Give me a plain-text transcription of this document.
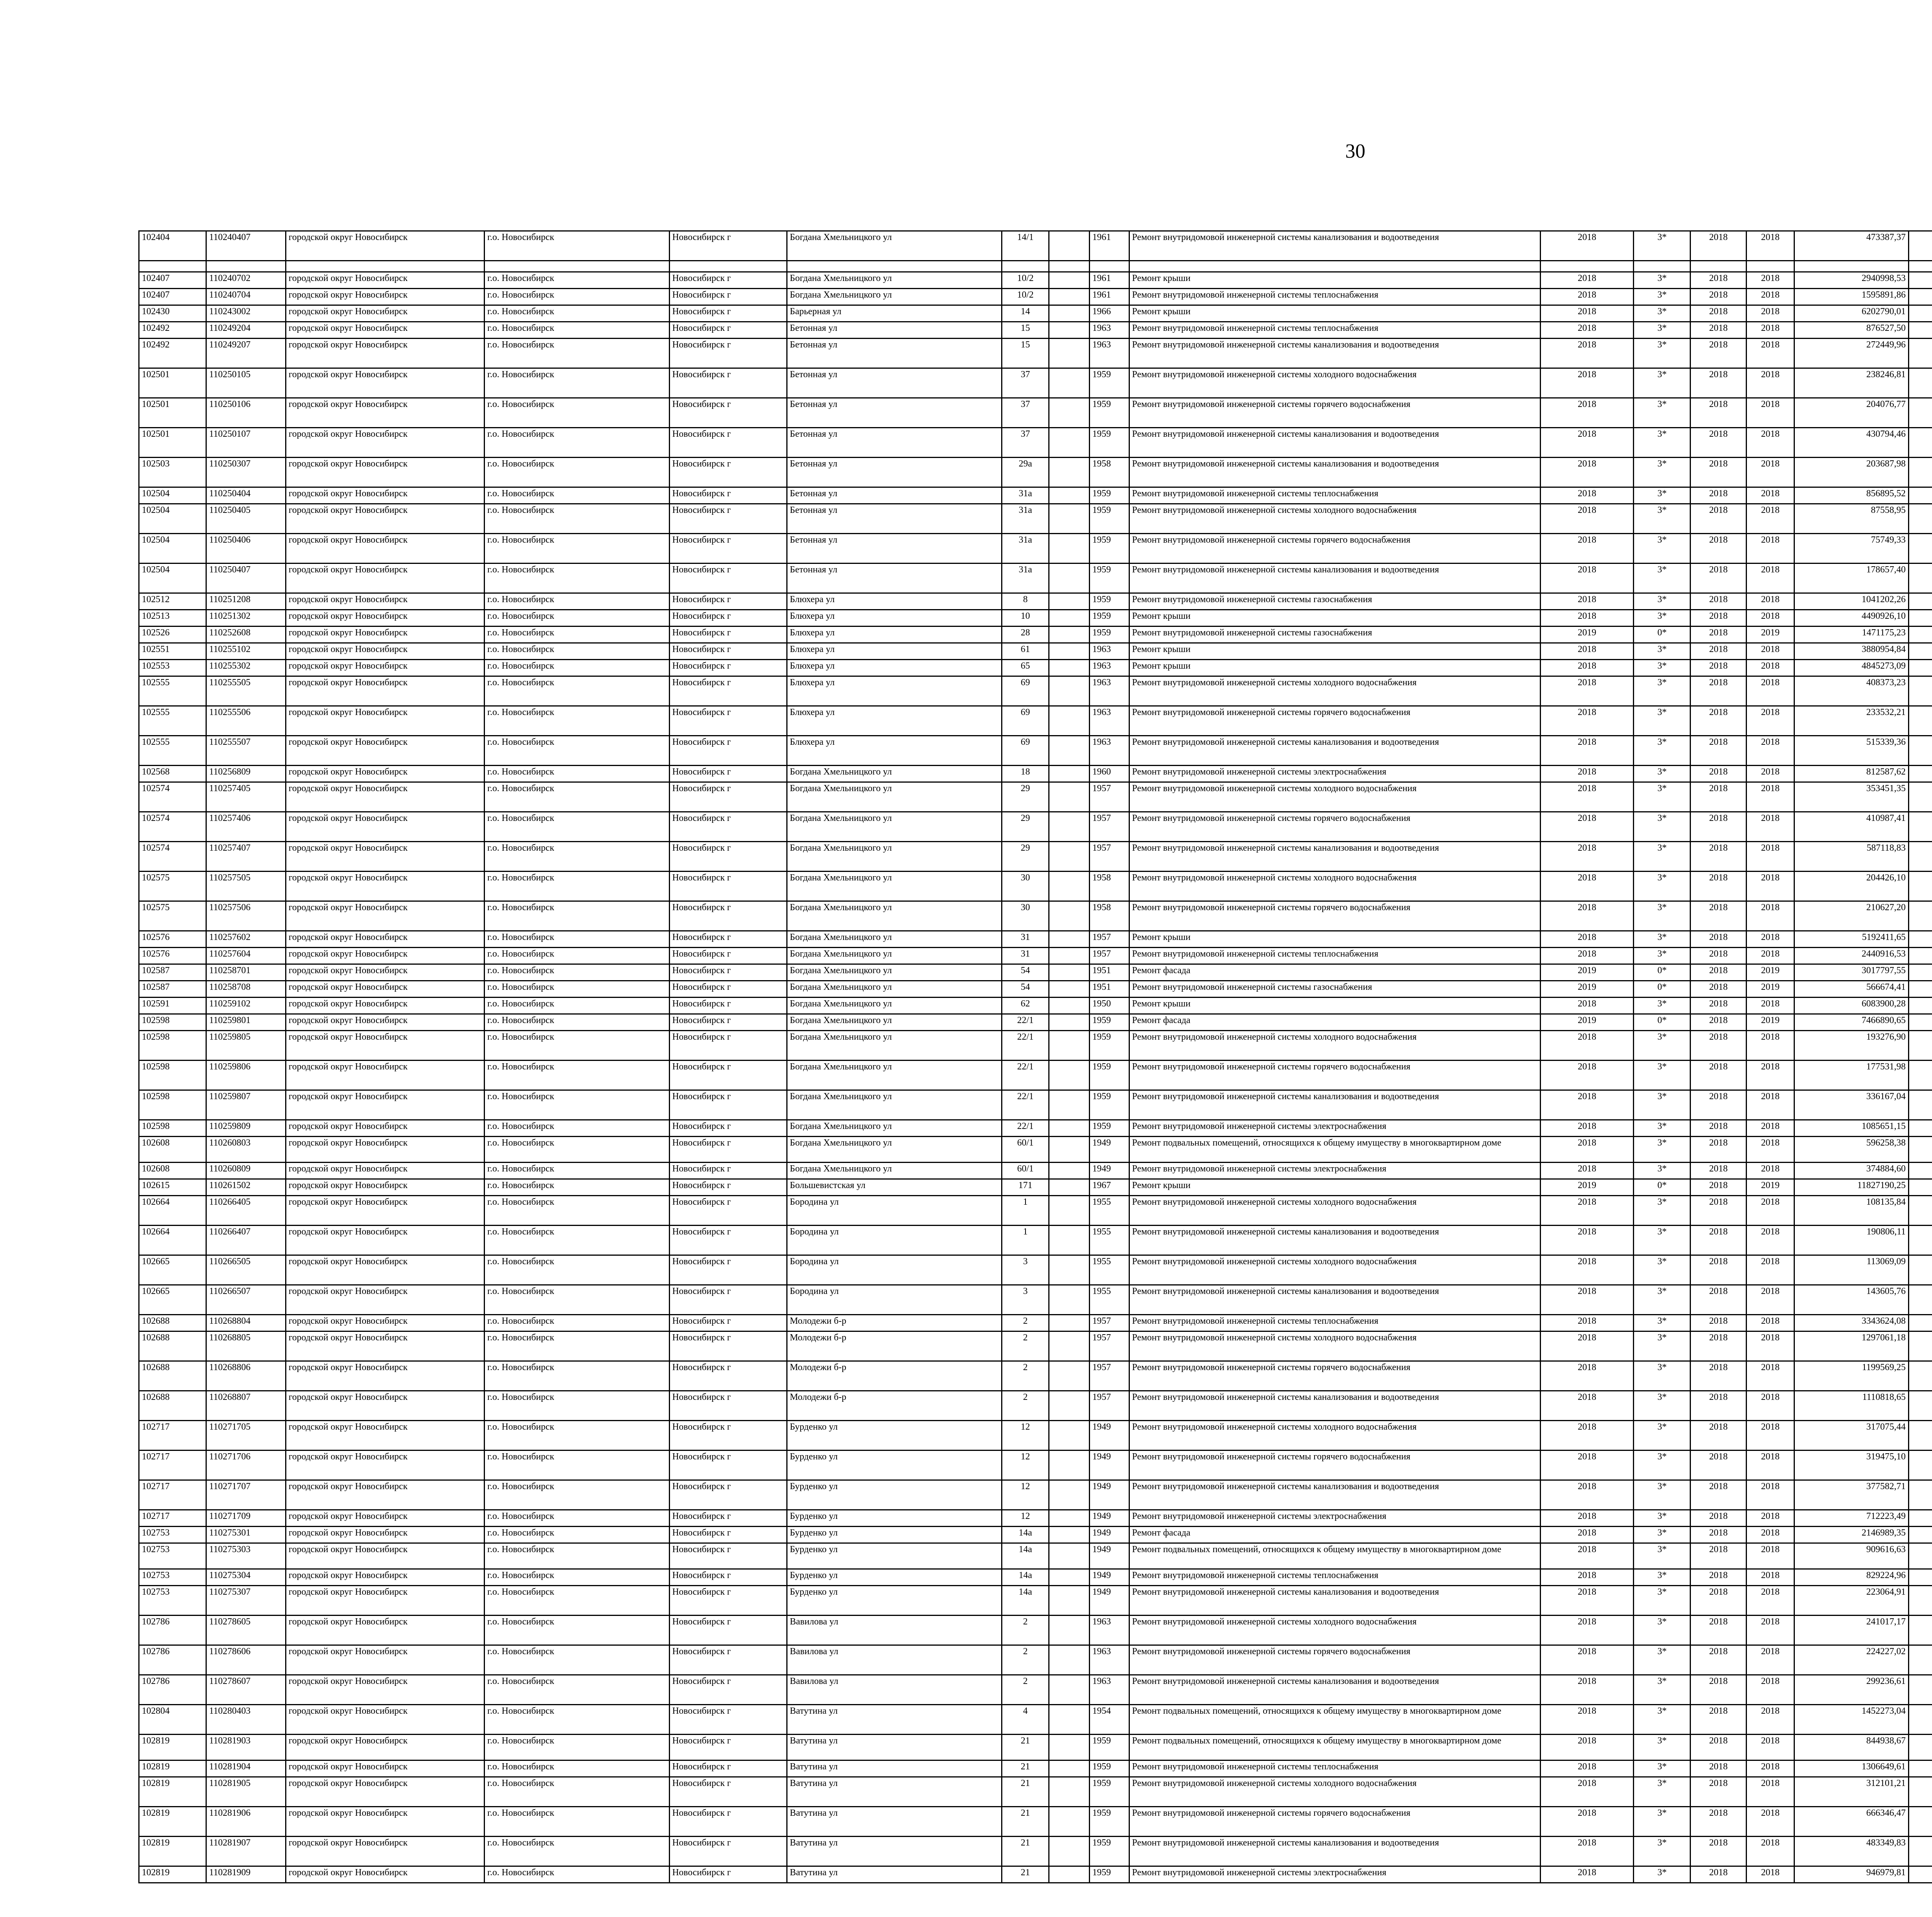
30
102404	110240407	городской округ Новосибирск	г.о. Новосибирск	Новосибирск г	Богдана Хмельницкого ул	14/1		1961	Ремонт внутридомовой инженерной системы канализования и водоотведения	2018	3*	2018	2018	473387,37								

102407	110240702	городской округ Новосибирск	г.о. Новосибирск	Новосибирск г	Богдана Хмельницкого ул	10/2		1961	Ремонт крыши	2018	3*	2018	2018	2940998,53								
102407	110240704	городской округ Новосибирск	г.о. Новосибирск	Новосибирск г	Богдана Хмельницкого ул	10/2		1961	Ремонт внутридомовой инженерной системы теплоснабжения	2018	3*	2018	2018	1595891,86								
102430	110243002	городской округ Новосибирск	г.о. Новосибирск	Новосибирск г	Барьерная ул	14		1966	Ремонт крыши	2018	3*	2018	2018	6202790,01								
102492	110249204	городской округ Новосибирск	г.о. Новосибирск	Новосибирск г	Бетонная ул	15		1963	Ремонт внутридомовой инженерной системы теплоснабжения	2018	3*	2018	2018	876527,50								
102492	110249207	городской округ Новосибирск	г.о. Новосибирск	Новосибирск г	Бетонная ул	15		1963	Ремонт внутридомовой инженерной системы канализования и водоотведения	2018	3*	2018	2018	272449,96								
102501	110250105	городской округ Новосибирск	г.о. Новосибирск	Новосибирск г	Бетонная ул	37		1959	Ремонт внутридомовой инженерной системы холодного водоснабжения	2018	3*	2018	2018	238246,81								
102501	110250106	городской округ Новосибирск	г.о. Новосибирск	Новосибирск г	Бетонная ул	37		1959	Ремонт внутридомовой инженерной системы горячего водоснабжения	2018	3*	2018	2018	204076,77								
102501	110250107	городской округ Новосибирск	г.о. Новосибирск	Новосибирск г	Бетонная ул	37		1959	Ремонт внутридомовой инженерной системы канализования и водоотведения	2018	3*	2018	2018	430794,46								
102503	110250307	городской округ Новосибирск	г.о. Новосибирск	Новосибирск г	Бетонная ул	29а		1958	Ремонт внутридомовой инженерной системы канализования и водоотведения	2018	3*	2018	2018	203687,98								
102504	110250404	городской округ Новосибирск	г.о. Новосибирск	Новосибирск г	Бетонная ул	31а		1959	Ремонт внутридомовой инженерной системы теплоснабжения	2018	3*	2018	2018	856895,52								
102504	110250405	городской округ Новосибирск	г.о. Новосибирск	Новосибирск г	Бетонная ул	31а		1959	Ремонт внутридомовой инженерной системы холодного водоснабжения	2018	3*	2018	2018	87558,95								
102504	110250406	городской округ Новосибирск	г.о. Новосибирск	Новосибирск г	Бетонная ул	31а		1959	Ремонт внутридомовой инженерной системы горячего водоснабжения	2018	3*	2018	2018	75749,33								
102504	110250407	городской округ Новосибирск	г.о. Новосибирск	Новосибирск г	Бетонная ул	31а		1959	Ремонт внутридомовой инженерной системы канализования и водоотведения	2018	3*	2018	2018	178657,40								
102512	110251208	городской округ Новосибирск	г.о. Новосибирск	Новосибирск г	Блюхера ул	8		1959	Ремонт внутридомовой инженерной системы газоснабжения	2018	3*	2018	2018	1041202,26								
102513	110251302	городской округ Новосибирск	г.о. Новосибирск	Новосибирск г	Блюхера ул	10		1959	Ремонт крыши	2018	3*	2018	2018	4490926,10								
102526	110252608	городской округ Новосибирск	г.о. Новосибирск	Новосибирск г	Блюхера ул	28		1959	Ремонт внутридомовой инженерной системы газоснабжения	2019	0*	2018	2019	1471175,23								
102551	110255102	городской округ Новосибирск	г.о. Новосибирск	Новосибирск г	Блюхера ул	61		1963	Ремонт крыши	2018	3*	2018	2018	3880954,84								
102553	110255302	городской округ Новосибирск	г.о. Новосибирск	Новосибирск г	Блюхера ул	65		1963	Ремонт крыши	2018	3*	2018	2018	4845273,09								
102555	110255505	городской округ Новосибирск	г.о. Новосибирск	Новосибирск г	Блюхера ул	69		1963	Ремонт внутридомовой инженерной системы холодного водоснабжения	2018	3*	2018	2018	408373,23								
102555	110255506	городской округ Новосибирск	г.о. Новосибирск	Новосибирск г	Блюхера ул	69		1963	Ремонт внутридомовой инженерной системы горячего водоснабжения	2018	3*	2018	2018	233532,21								
102555	110255507	городской округ Новосибирск	г.о. Новосибирск	Новосибирск г	Блюхера ул	69		1963	Ремонт внутридомовой инженерной системы канализования и водоотведения	2018	3*	2018	2018	515339,36								
102568	110256809	городской округ Новосибирск	г.о. Новосибирск	Новосибирск г	Богдана Хмельницкого ул	18		1960	Ремонт внутридомовой инженерной системы электроснабжения	2018	3*	2018	2018	812587,62								
102574	110257405	городской округ Новосибирск	г.о. Новосибирск	Новосибирск г	Богдана Хмельницкого ул	29		1957	Ремонт внутридомовой инженерной системы холодного водоснабжения	2018	3*	2018	2018	353451,35								
102574	110257406	городской округ Новосибирск	г.о. Новосибирск	Новосибирск г	Богдана Хмельницкого ул	29		1957	Ремонт внутридомовой инженерной системы горячего водоснабжения	2018	3*	2018	2018	410987,41								
102574	110257407	городской округ Новосибирск	г.о. Новосибирск	Новосибирск г	Богдана Хмельницкого ул	29		1957	Ремонт внутридомовой инженерной системы канализования и водоотведения	2018	3*	2018	2018	587118,83								
102575	110257505	городской округ Новосибирск	г.о. Новосибирск	Новосибирск г	Богдана Хмельницкого ул	30		1958	Ремонт внутридомовой инженерной системы холодного водоснабжения	2018	3*	2018	2018	204426,10								
102575	110257506	городской округ Новосибирск	г.о. Новосибирск	Новосибирск г	Богдана Хмельницкого ул	30		1958	Ремонт внутридомовой инженерной системы горячего водоснабжения	2018	3*	2018	2018	210627,20								
102576	110257602	городской округ Новосибирск	г.о. Новосибирск	Новосибирск г	Богдана Хмельницкого ул	31		1957	Ремонт крыши	2018	3*	2018	2018	5192411,65								
102576	110257604	городской округ Новосибирск	г.о. Новосибирск	Новосибирск г	Богдана Хмельницкого ул	31		1957	Ремонт внутридомовой инженерной системы теплоснабжения	2018	3*	2018	2018	2440916,53								
102587	110258701	городской округ Новосибирск	г.о. Новосибирск	Новосибирск г	Богдана Хмельницкого ул	54		1951	Ремонт фасада	2019	0*	2018	2019	3017797,55								
102587	110258708	городской округ Новосибирск	г.о. Новосибирск	Новосибирск г	Богдана Хмельницкого ул	54		1951	Ремонт внутридомовой инженерной системы газоснабжения	2019	0*	2018	2019	566674,41								
102591	110259102	городской округ Новосибирск	г.о. Новосибирск	Новосибирск г	Богдана Хмельницкого ул	62		1950	Ремонт крыши	2018	3*	2018	2018	6083900,28								
102598	110259801	городской округ Новосибирск	г.о. Новосибирск	Новосибирск г	Богдана Хмельницкого ул	22/1		1959	Ремонт фасада	2019	0*	2018	2019	7466890,65								
102598	110259805	городской округ Новосибирск	г.о. Новосибирск	Новосибирск г	Богдана Хмельницкого ул	22/1		1959	Ремонт внутридомовой инженерной системы холодного водоснабжения	2018	3*	2018	2018	193276,90								
102598	110259806	городской округ Новосибирск	г.о. Новосибирск	Новосибирск г	Богдана Хмельницкого ул	22/1		1959	Ремонт внутридомовой инженерной системы горячего водоснабжения	2018	3*	2018	2018	177531,98								
102598	110259807	городской округ Новосибирск	г.о. Новосибирск	Новосибирск г	Богдана Хмельницкого ул	22/1		1959	Ремонт внутридомовой инженерной системы канализования и водоотведения	2018	3*	2018	2018	336167,04								
102598	110259809	городской округ Новосибирск	г.о. Новосибирск	Новосибирск г	Богдана Хмельницкого ул	22/1		1959	Ремонт внутридомовой инженерной системы электроснабжения	2018	3*	2018	2018	1085651,15								
102608	110260803	городской округ Новосибирск	г.о. Новосибирск	Новосибирск г	Богдана Хмельницкого ул	60/1		1949	Ремонт подвальных помещений, относящихся к общему имуществу в многоквартирном доме	2018	3*	2018	2018	596258,38								
102608	110260809	городской округ Новосибирск	г.о. Новосибирск	Новосибирск г	Богдана Хмельницкого ул	60/1		1949	Ремонт внутридомовой инженерной системы электроснабжения	2018	3*	2018	2018	374884,60								
102615	110261502	городской округ Новосибирск	г.о. Новосибирск	Новосибирск г	Большевистская ул	171		1967	Ремонт крыши	2019	0*	2018	2019	11827190,25								
102664	110266405	городской округ Новосибирск	г.о. Новосибирск	Новосибирск г	Бородина ул	1		1955	Ремонт внутридомовой инженерной системы холодного водоснабжения	2018	3*	2018	2018	108135,84								
102664	110266407	городской округ Новосибирск	г.о. Новосибирск	Новосибирск г	Бородина ул	1		1955	Ремонт внутридомовой инженерной системы канализования и водоотведения	2018	3*	2018	2018	190806,11								
102665	110266505	городской округ Новосибирск	г.о. Новосибирск	Новосибирск г	Бородина ул	3		1955	Ремонт внутридомовой инженерной системы холодного водоснабжения	2018	3*	2018	2018	113069,09								
102665	110266507	городской округ Новосибирск	г.о. Новосибирск	Новосибирск г	Бородина ул	3		1955	Ремонт внутридомовой инженерной системы канализования и водоотведения	2018	3*	2018	2018	143605,76								
102688	110268804	городской округ Новосибирск	г.о. Новосибирск	Новосибирск г	Молодежи б-р	2		1957	Ремонт внутридомовой инженерной системы теплоснабжения	2018	3*	2018	2018	3343624,08								
102688	110268805	городской округ Новосибирск	г.о. Новосибирск	Новосибирск г	Молодежи б-р	2		1957	Ремонт внутридомовой инженерной системы холодного водоснабжения	2018	3*	2018	2018	1297061,18								
102688	110268806	городской округ Новосибирск	г.о. Новосибирск	Новосибирск г	Молодежи б-р	2		1957	Ремонт внутридомовой инженерной системы горячего водоснабжения	2018	3*	2018	2018	1199569,25								
102688	110268807	городской округ Новосибирск	г.о. Новосибирск	Новосибирск г	Молодежи б-р	2		1957	Ремонт внутридомовой инженерной системы канализования и водоотведения	2018	3*	2018	2018	1110818,65								
102717	110271705	городской округ Новосибирск	г.о. Новосибирск	Новосибирск г	Бурденко ул	12		1949	Ремонт внутридомовой инженерной системы холодного водоснабжения	2018	3*	2018	2018	317075,44								
102717	110271706	городской округ Новосибирск	г.о. Новосибирск	Новосибирск г	Бурденко ул	12		1949	Ремонт внутридомовой инженерной системы горячего водоснабжения	2018	3*	2018	2018	319475,10								
102717	110271707	городской округ Новосибирск	г.о. Новосибирск	Новосибирск г	Бурденко ул	12		1949	Ремонт внутридомовой инженерной системы канализования и водоотведения	2018	3*	2018	2018	377582,71								
102717	110271709	городской округ Новосибирск	г.о. Новосибирск	Новосибирск г	Бурденко ул	12		1949	Ремонт внутридомовой инженерной системы электроснабжения	2018	3*	2018	2018	712223,49								
102753	110275301	городской округ Новосибирск	г.о. Новосибирск	Новосибирск г	Бурденко ул	14а		1949	Ремонт фасада	2018	3*	2018	2018	2146989,35								
102753	110275303	городской округ Новосибирск	г.о. Новосибирск	Новосибирск г	Бурденко ул	14а		1949	Ремонт подвальных помещений, относящихся к общему имуществу в многоквартирном доме	2018	3*	2018	2018	909616,63								
102753	110275304	городской округ Новосибирск	г.о. Новосибирск	Новосибирск г	Бурденко ул	14а		1949	Ремонт внутридомовой инженерной системы теплоснабжения	2018	3*	2018	2018	829224,96								
102753	110275307	городской округ Новосибирск	г.о. Новосибирск	Новосибирск г	Бурденко ул	14а		1949	Ремонт внутридомовой инженерной системы канализования и водоотведения	2018	3*	2018	2018	223064,91								
102786	110278605	городской округ Новосибирск	г.о. Новосибирск	Новосибирск г	Вавилова ул	2		1963	Ремонт внутридомовой инженерной системы холодного водоснабжения	2018	3*	2018	2018	241017,17								
102786	110278606	городской округ Новосибирск	г.о. Новосибирск	Новосибирск г	Вавилова ул	2		1963	Ремонт внутридомовой инженерной системы горячего водоснабжения	2018	3*	2018	2018	224227,02								
102786	110278607	городской округ Новосибирск	г.о. Новосибирск	Новосибирск г	Вавилова ул	2		1963	Ремонт внутридомовой инженерной системы канализования и водоотведения	2018	3*	2018	2018	299236,61								
102804	110280403	городской округ Новосибирск	г.о. Новосибирск	Новосибирск г	Ватутина ул	4		1954	Ремонт подвальных помещений, относящихся к общему имуществу в многоквартирном доме	2018	3*	2018	2018	1452273,04								
102819	110281903	городской округ Новосибирск	г.о. Новосибирск	Новосибирск г	Ватутина ул	21		1959	Ремонт подвальных помещений, относящихся к общему имуществу в многоквартирном доме	2018	3*	2018	2018	844938,67								
102819	110281904	городской округ Новосибирск	г.о. Новосибирск	Новосибирск г	Ватутина ул	21		1959	Ремонт внутридомовой инженерной системы теплоснабжения	2018	3*	2018	2018	1306649,61								
102819	110281905	городской округ Новосибирск	г.о. Новосибирск	Новосибирск г	Ватутина ул	21		1959	Ремонт внутридомовой инженерной системы холодного водоснабжения	2018	3*	2018	2018	312101,21								
102819	110281906	городской округ Новосибирск	г.о. Новосибирск	Новосибирск г	Ватутина ул	21		1959	Ремонт внутридомовой инженерной системы горячего водоснабжения	2018	3*	2018	2018	666346,47								
102819	110281907	городской округ Новосибирск	г.о. Новосибирск	Новосибирск г	Ватутина ул	21		1959	Ремонт внутридомовой инженерной системы канализования и водоотведения	2018	3*	2018	2018	483349,83								
102819	110281909	городской округ Новосибирск	г.о. Новосибирск	Новосибирск г	Ватутина ул	21		1959	Ремонт внутридомовой инженерной системы электроснабжения	2018	3*	2018	2018	946979,81								
